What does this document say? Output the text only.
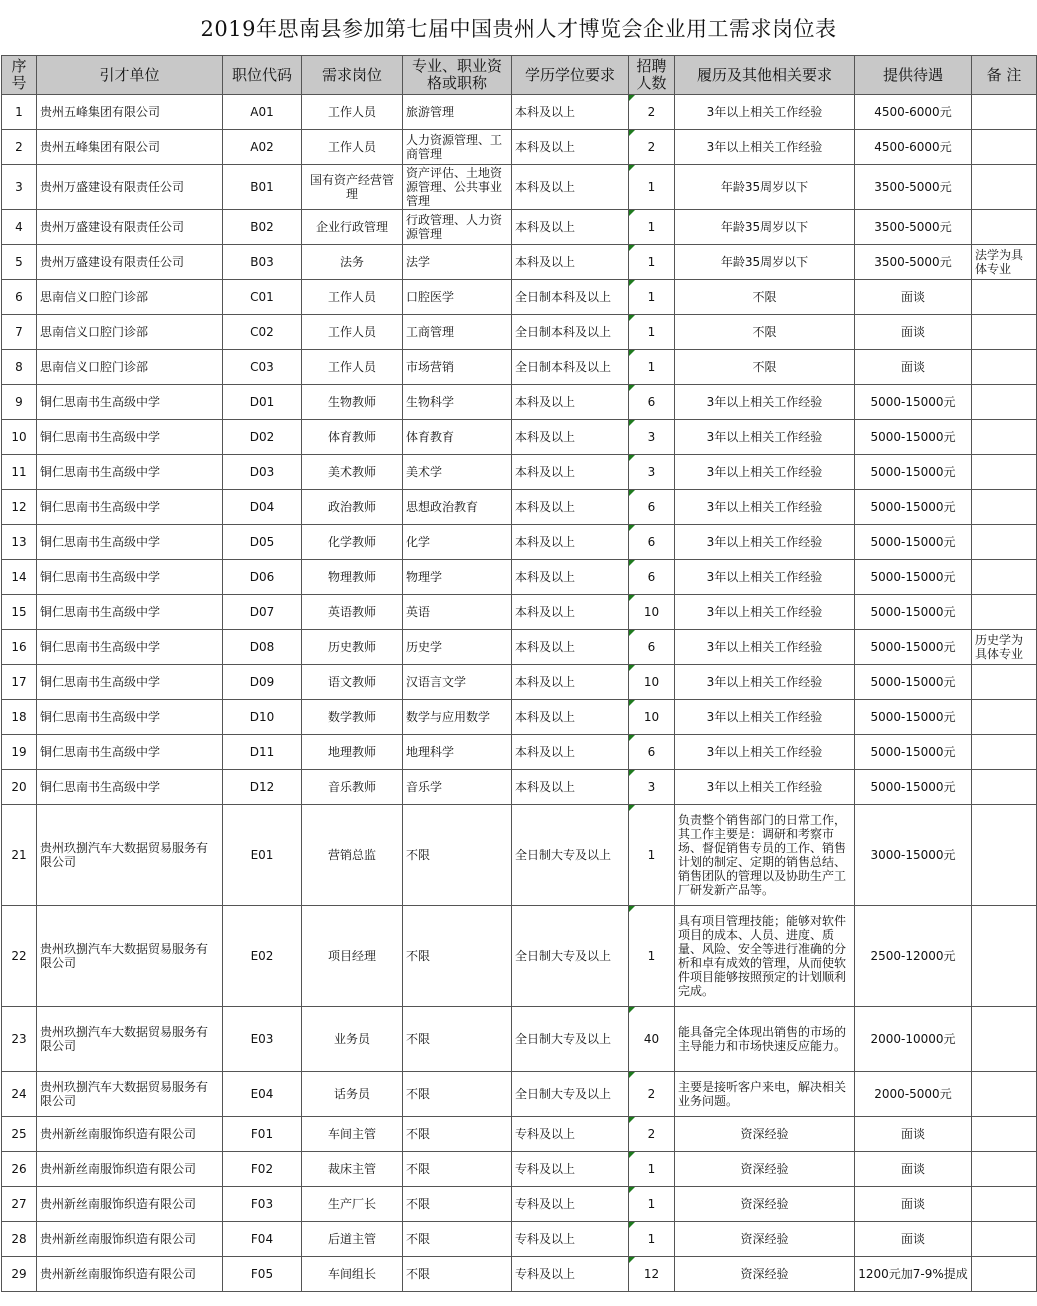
2019年思南县参加第七届中国贵州人才博览会企业用工需求岗位表
序号	引才单位	职位代码	需求岗位	专业、职业资格或职称	学历学位要求	招聘人数	履历及其他相关要求	提供待遇	备 注
1	贵州五峰集团有限公司	A01	工作人员	旅游管理	本科及以上	2	3年以上相关工作经验	4500-6000元	
2	贵州五峰集团有限公司	A02	工作人员	人力资源管理、工商管理	本科及以上	2	3年以上相关工作经验	4500-6000元	
3	贵州万盛建设有限责任公司	B01	国有资产经营管理	资产评估、土地资源管理、公共事业管理	本科及以上	1	年龄35周岁以下	3500-5000元	
4	贵州万盛建设有限责任公司	B02	企业行政管理	行政管理、人力资源管理	本科及以上	1	年龄35周岁以下	3500-5000元	
5	贵州万盛建设有限责任公司	B03	法务	法学	本科及以上	1	年龄35周岁以下	3500-5000元	法学为具体专业
6	思南信义口腔门诊部	C01	工作人员	口腔医学	全日制本科及以上	1	不限	面谈	
7	思南信义口腔门诊部	C02	工作人员	工商管理	全日制本科及以上	1	不限	面谈	
8	思南信义口腔门诊部	C03	工作人员	市场营销	全日制本科及以上	1	不限	面谈	
9	铜仁思南书生高级中学	D01	生物教师	生物科学	本科及以上	6	3年以上相关工作经验	5000-15000元	
10	铜仁思南书生高级中学	D02	体育教师	体育教育	本科及以上	3	3年以上相关工作经验	5000-15000元	
11	铜仁思南书生高级中学	D03	美术教师	美术学	本科及以上	3	3年以上相关工作经验	5000-15000元	
12	铜仁思南书生高级中学	D04	政治教师	思想政治教育	本科及以上	6	3年以上相关工作经验	5000-15000元	
13	铜仁思南书生高级中学	D05	化学教师	化学	本科及以上	6	3年以上相关工作经验	5000-15000元	
14	铜仁思南书生高级中学	D06	物理教师	物理学	本科及以上	6	3年以上相关工作经验	5000-15000元	
15	铜仁思南书生高级中学	D07	英语教师	英语	本科及以上	10	3年以上相关工作经验	5000-15000元	
16	铜仁思南书生高级中学	D08	历史教师	历史学	本科及以上	6	3年以上相关工作经验	5000-15000元	历史学为具体专业
17	铜仁思南书生高级中学	D09	语文教师	汉语言文学	本科及以上	10	3年以上相关工作经验	5000-15000元	
18	铜仁思南书生高级中学	D10	数学教师	数学与应用数学	本科及以上	10	3年以上相关工作经验	5000-15000元	
19	铜仁思南书生高级中学	D11	地理教师	地理科学	本科及以上	6	3年以上相关工作经验	5000-15000元	
20	铜仁思南书生高级中学	D12	音乐教师	音乐学	本科及以上	3	3年以上相关工作经验	5000-15000元	
21	贵州玖捌汽车大数据贸易服务有限公司	E01	营销总监	不限	全日制大专及以上	1	负责整个销售部门的日常工作，其工作主要是：调研和考察市场、督促销售专员的工作、销售计划的制定、定期的销售总结、销售团队的管理以及协助生产工厂研发新产品等。	3000-15000元	
22	贵州玖捌汽车大数据贸易服务有限公司	E02	项目经理	不限	全日制大专及以上	1	具有项目管理技能；能够对软件项目的成本、人员、进度、质量、风险、安全等进行准确的分析和卓有成效的管理，从而使软件项目能够按照预定的计划顺利完成。	2500-12000元	
23	贵州玖捌汽车大数据贸易服务有限公司	E03	业务员	不限	全日制大专及以上	40	能具备完全体现出销售的市场的主导能力和市场快速反应能力。	2000-10000元	
24	贵州玖捌汽车大数据贸易服务有限公司	E04	话务员	不限	全日制大专及以上	2	主要是接听客户来电，解决相关业务问题。	2000-5000元	
25	贵州新丝南服饰织造有限公司	F01	车间主管	不限	专科及以上	2	资深经验	面谈	
26	贵州新丝南服饰织造有限公司	F02	裁床主管	不限	专科及以上	1	资深经验	面谈	
27	贵州新丝南服饰织造有限公司	F03	生产厂长	不限	专科及以上	1	资深经验	面谈	
28	贵州新丝南服饰织造有限公司	F04	后道主管	不限	专科及以上	1	资深经验	面谈	
29	贵州新丝南服饰织造有限公司	F05	车间组长	不限	专科及以上	12	资深经验	1200元加7-9%提成	
